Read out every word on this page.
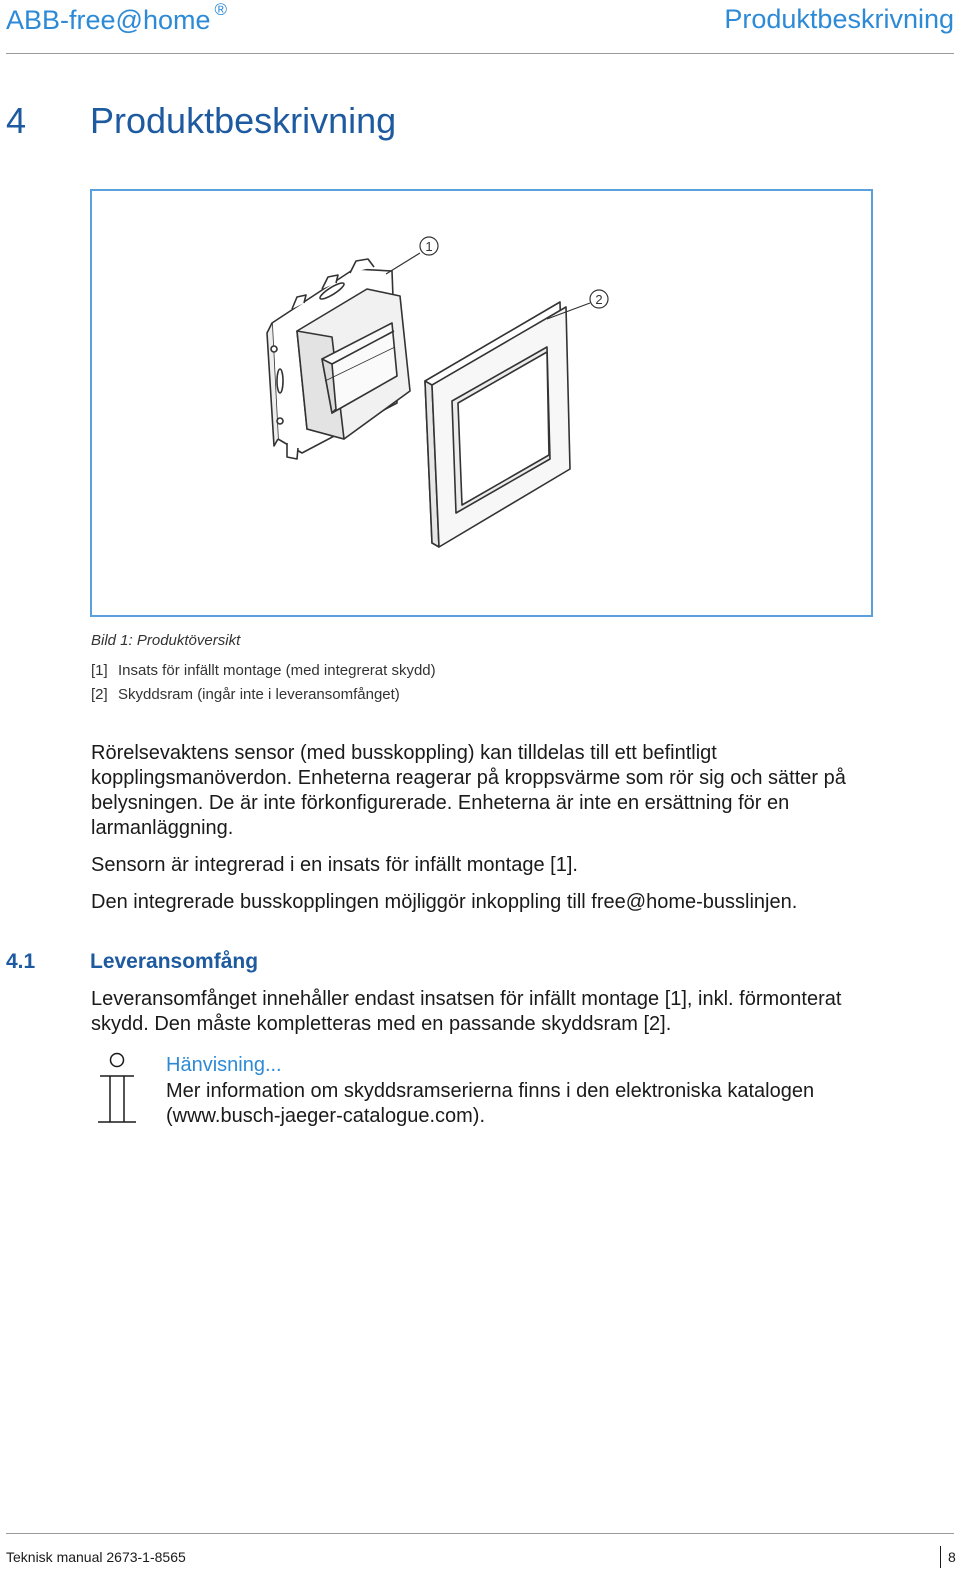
ABB-free@home ®	Produktbeskrivning
4 Produktbeskrivning
1
2
Bild 1: Produktöversikt
[1] Insats för infällt montage (med integrerat skydd)
[2] Skyddsram (ingår inte i leveransomfånget)
Rörelsevaktens sensor (med busskoppling) kan tilldelas till ett befintligt kopplingsmanöverdon. Enheterna reagerar på kroppsvärme som rör sig och sätter på belysningen. De är inte förkonfigurerade. Enheterna är inte en ersättning för en larmanläggning.
Sensorn är integrerad i en insats för infällt montage [1].
Den integrerade busskopplingen möjliggör inkoppling till free@home-busslinjen.
4.1	Leveransomfång
Leveransomfånget innehåller endast insatsen för infällt montage [1], inkl. förmonterat skydd. Den måste kompletteras med en passande skyddsram [2].
Hänvisning...
Mer information om skyddsramserierna finns i den elektroniska katalogen (www.busch-jaeger-catalogue.com).
Teknisk manual 2673-1-8565	8
